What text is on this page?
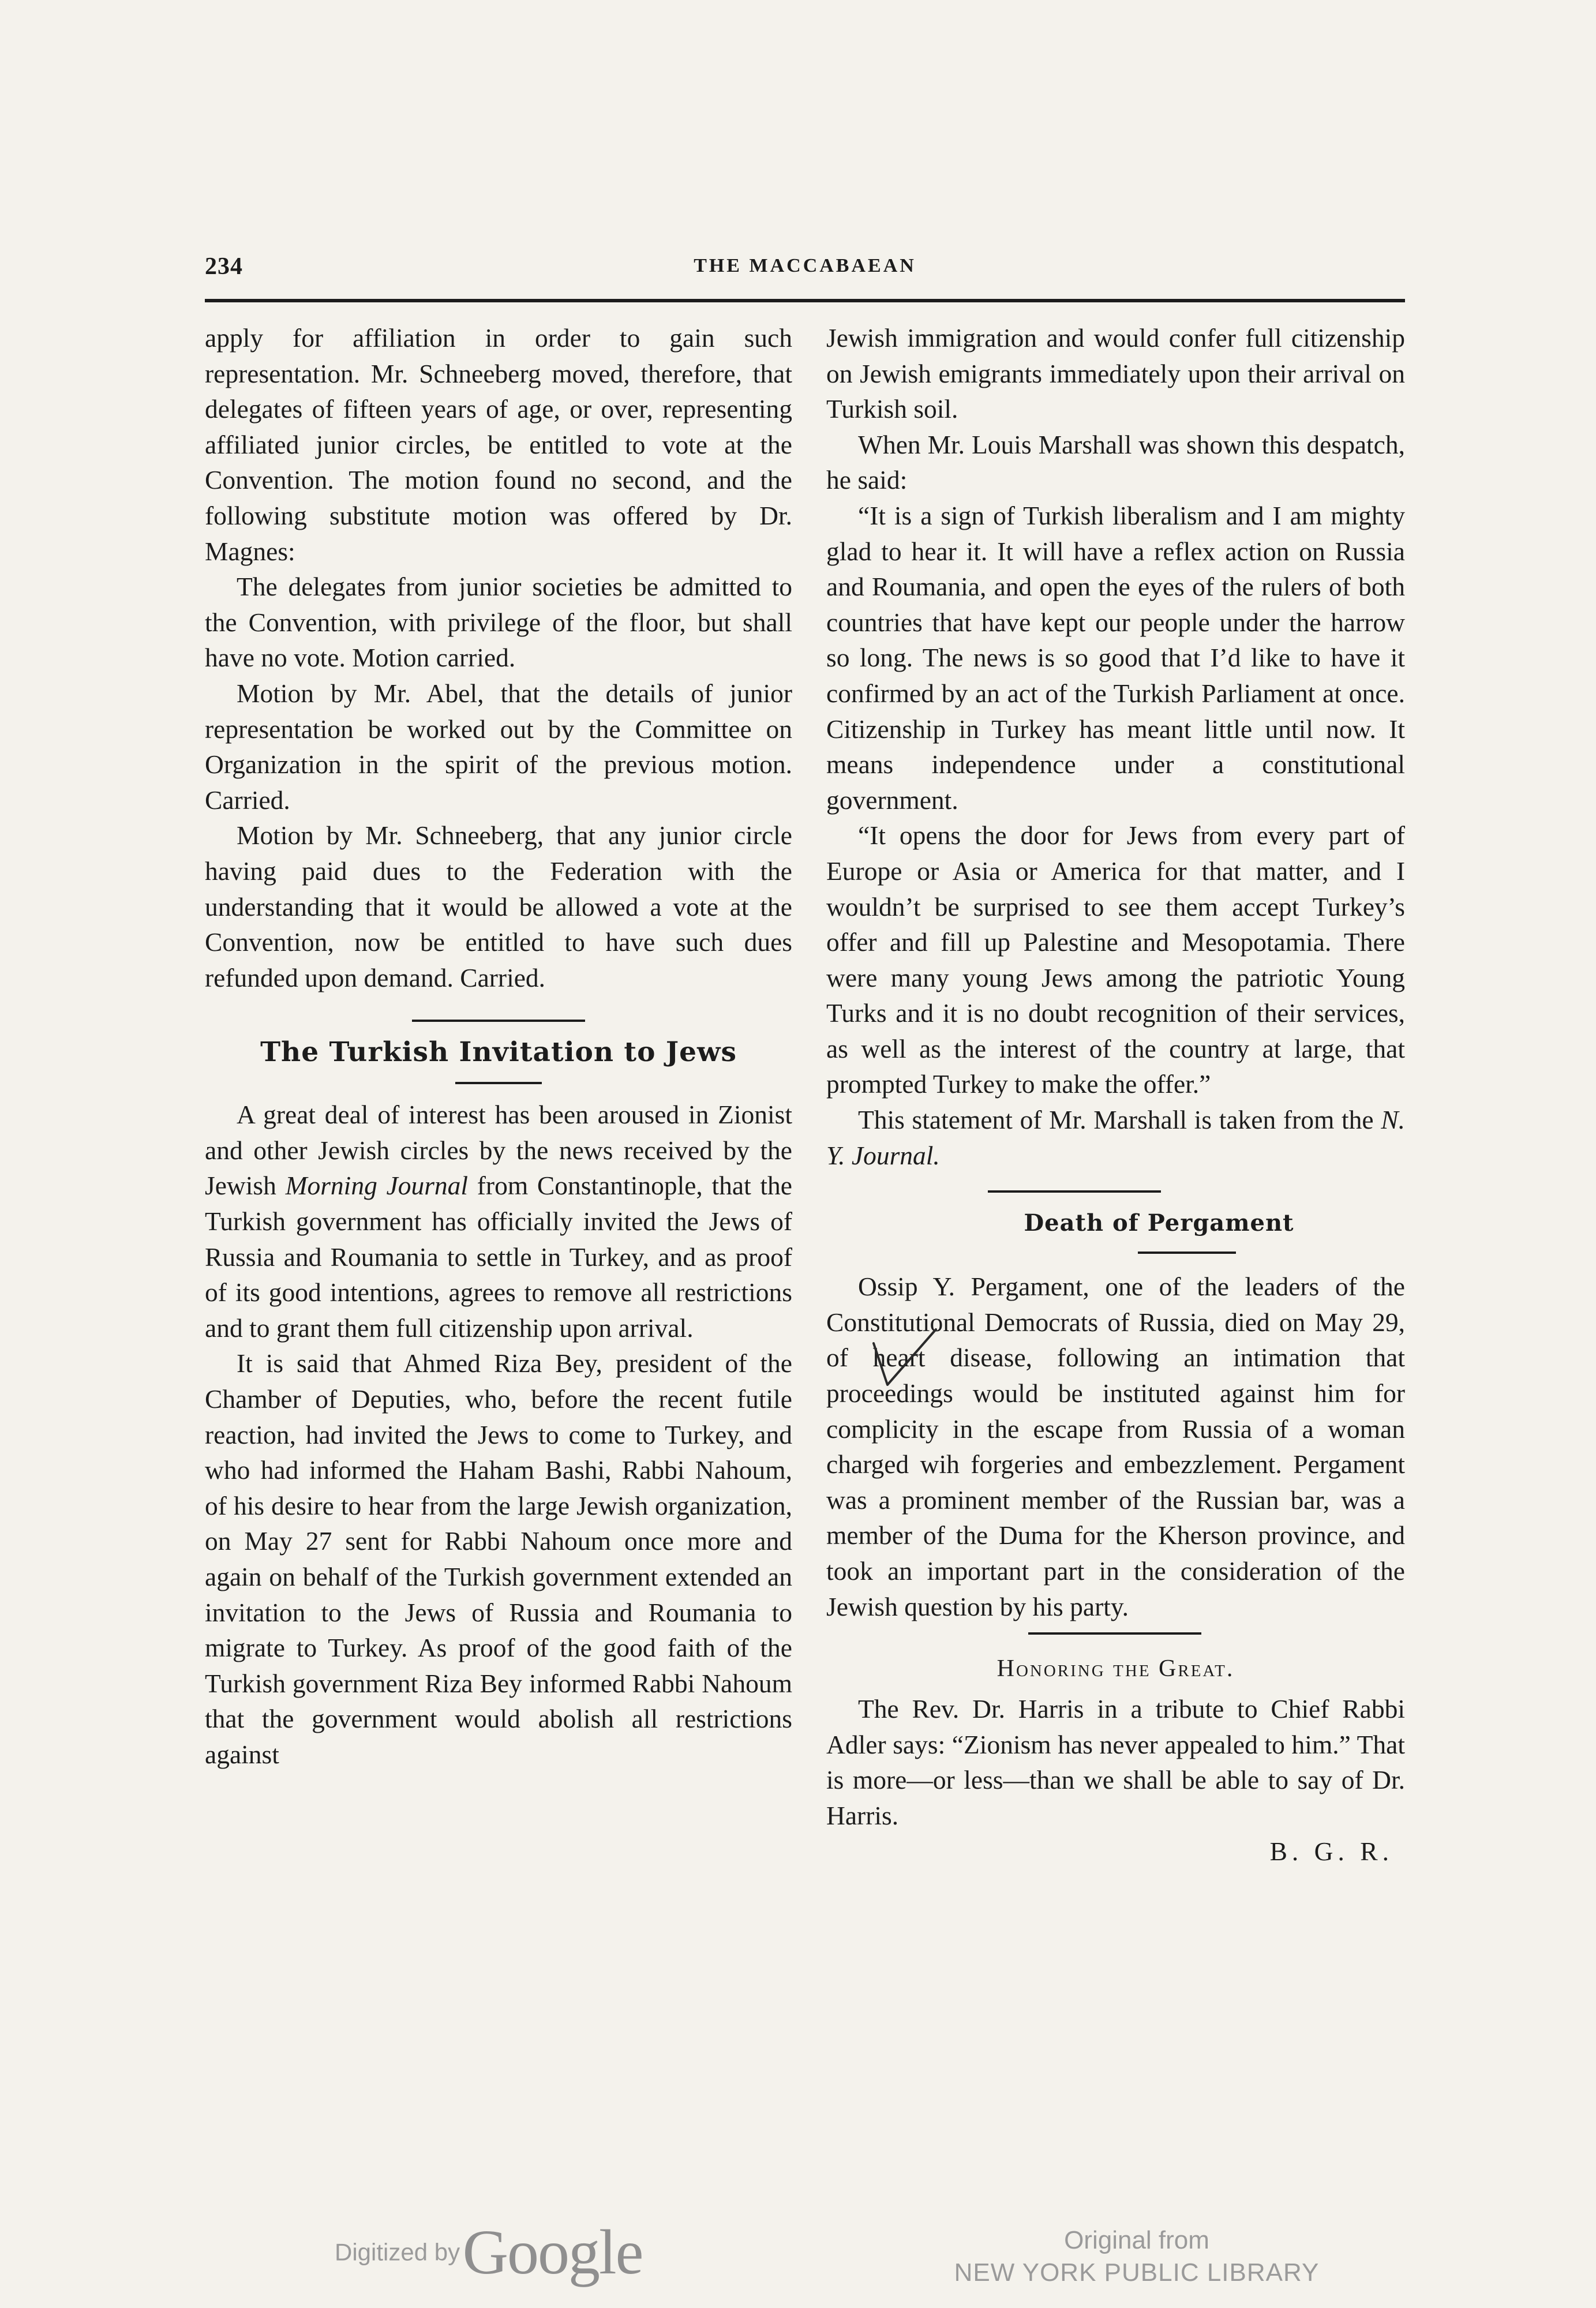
234	THE MACCABAEAN

apply for affiliation in order to gain such representation. Mr. Schneeberg moved, therefore, that delegates of fifteen years of age, or over, representing affiliated junior circles, be entitled to vote at the Convention. The motion found no second, and the following substitute motion was offered by Dr. Magnes:

The delegates from junior societies be admitted to the Convention, with privilege of the floor, but shall have no vote. Motion carried.

Motion by Mr. Abel, that the details of junior representation be worked out by the Committee on Organization in the spirit of the previous motion. Carried.

Motion by Mr. Schneeberg, that any junior circle having paid dues to the Federation with the understanding that it would be allowed a vote at the Convention, now be entitled to have such dues refunded upon demand. Carried.

The Turkish Invitation to Jews

A great deal of interest has been aroused in Zionist and other Jewish circles by the news received by the Jewish Morning Journal from Constantinople, that the Turkish government has officially invited the Jews of Russia and Roumania to settle in Turkey, and as proof of its good intentions, agrees to remove all restrictions and to grant them full citizenship upon arrival.

It is said that Ahmed Riza Bey, president of the Chamber of Deputies, who, before the recent futile reaction, had invited the Jews to come to Turkey, and who had informed the Haham Bashi, Rabbi Nahoum, of his desire to hear from the large Jewish organization, on May 27 sent for Rabbi Nahoum once more and again on behalf of the Turkish government extended an invitation to the Jews of Russia and Roumania to migrate to Turkey. As proof of the good faith of the Turkish government Riza Bey informed Rabbi Nahoum that the government would abolish all restrictions against

Jewish immigration and would confer full citizenship on Jewish emigrants immediately upon their arrival on Turkish soil.

When Mr. Louis Marshall was shown this despatch, he said:

“It is a sign of Turkish liberalism and I am mighty glad to hear it. It will have a reflex action on Russia and Roumania, and open the eyes of the rulers of both countries that have kept our people under the harrow so long. The news is so good that I’d like to have it confirmed by an act of the Turkish Parliament at once. Citizenship in Turkey has meant little until now. It means independence under a constitutional government.

“It opens the door for Jews from every part of Europe or Asia or America for that matter, and I wouldn’t be surprised to see them accept Turkey’s offer and fill up Palestine and Mesopotamia. There were many young Jews among the patriotic Young Turks and it is no doubt recognition of their services, as well as the interest of the country at large, that prompted Turkey to make the offer.”

This statement of Mr. Marshall is taken from the N. Y. Journal.

Death of Pergament

Ossip Y. Pergament, one of the leaders of the Constitutional Democrats of Russia, died on May 29, of heart disease, following an intimation that proceedings would be instituted against him for complicity in the escape from Russia of a woman charged wih forgeries and embezzlement. Pergament was a prominent member of the Russian bar, was a member of the Duma for the Kherson province, and took an important part in the consideration of the Jewish question by his party.

Honoring the Great.

The Rev. Dr. Harris in a tribute to Chief Rabbi Adler says: “Zionism has never appealed to him.” That is more—or less—than we shall be able to say of Dr. Harris.

B. G. R.
Digitized by Google	Original from
NEW YORK PUBLIC LIBRARY
